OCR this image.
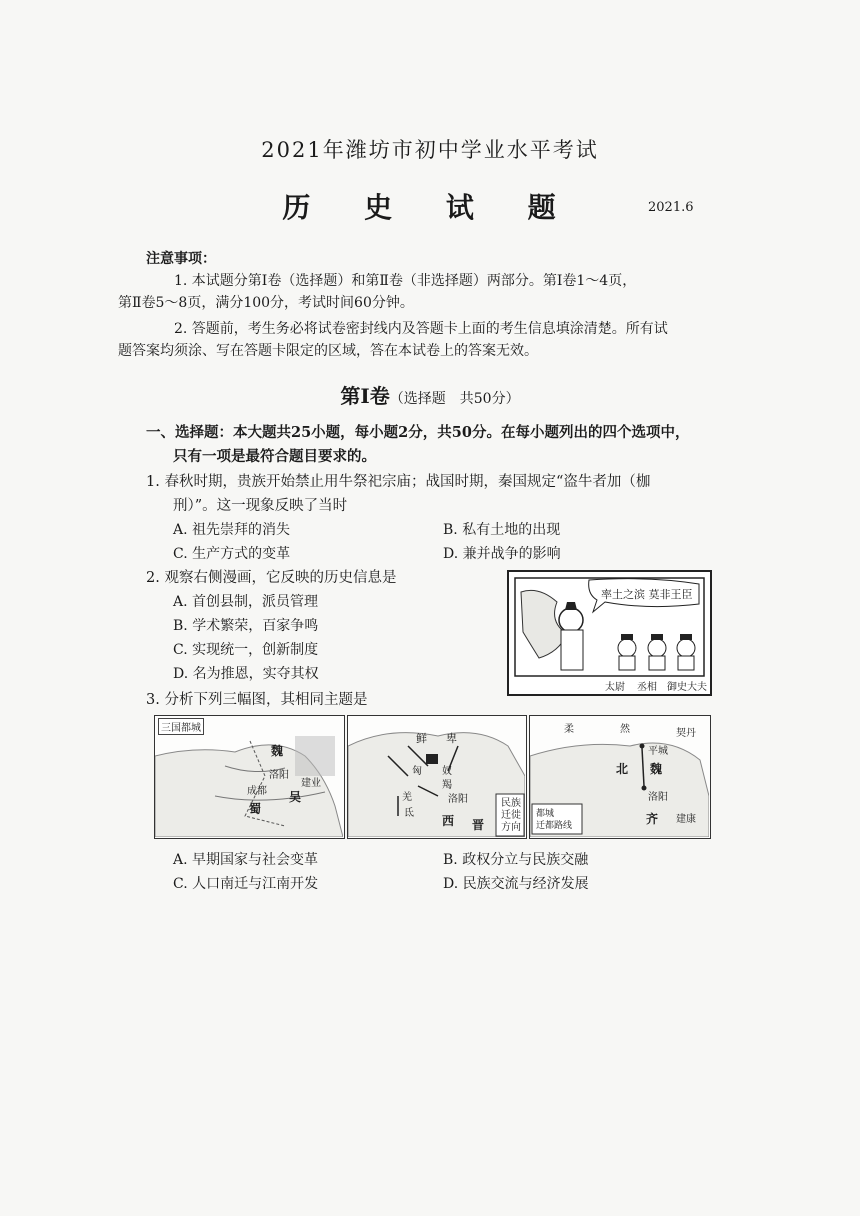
2021年潍坊市初中学业水平考试
历 史 试 题	2021.6
注意事项：
1. 本试题分第Ⅰ卷（选择题）和第Ⅱ卷（非选择题）两部分。第Ⅰ卷1～4页，
第Ⅱ卷5～8页，满分100分，考试时间60分钟。
2. 答题前，考生务必将试卷密封线内及答题卡上面的考生信息填涂清楚。所有试
题答案均须涂、写在答题卡限定的区域，答在本试卷上的答案无效。
第Ⅰ卷（选择题　共50分）
一、选择题：本大题共25小题，每小题2分，共50分。在每小题列出的四个选项中，
只有一项是最符合题目要求的。
1. 春秋时期，贵族开始禁止用牛祭祀宗庙；战国时期，秦国规定“盗牛者加（枷
刑）”。这一现象反映了当时
A. 祖先崇拜的消失	B. 私有土地的出现
C. 生产方式的变革	D. 兼并战争的影响
2. 观察右侧漫画，它反映的历史信息是
A. 首创县制，派员管理
B. 学术繁荣，百家争鸣
C. 实现统一，创新制度
D. 名为推恩，实夺其权
率土之滨 莫非王臣
太尉 丞相 御史大夫
3. 分析下列三幅图，其相同主题是
三国都城
魏
洛阳
建业
成都
蜀
吴
鲜 卑
匈 奴
羯
羌
氐
洛阳
西 晋
民族
迁徙
方向
柔	然	契丹
平城
北 魏
洛阳
齐 建康
都城
迁都路线
A. 早期国家与社会变革	B. 政权分立与民族交融
C. 人口南迁与江南开发	D. 民族交流与经济发展
